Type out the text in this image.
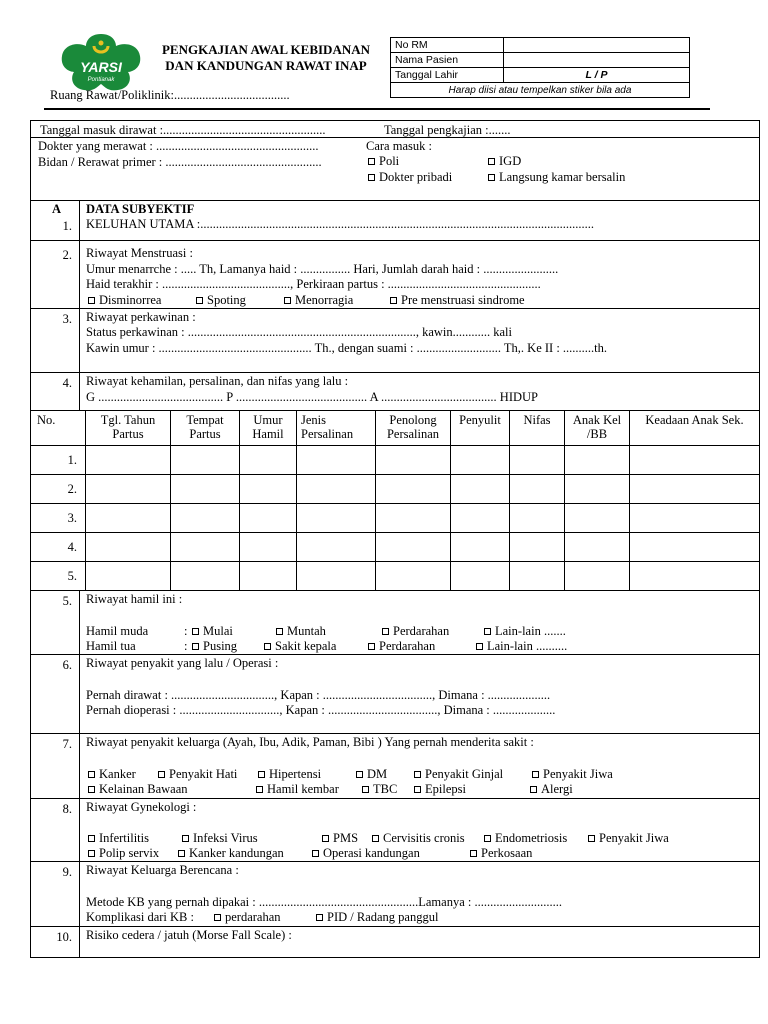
YARSI
Pontianak
PENGKAJIAN AWAL KEBIDANAN
DAN KANDUNGAN RAWAT INAP
Ruang Rawat/Poliklinik:.....................................
No RM	
Nama Pasien	
Tanggal Lahir	L / P
Harap diisi atau tempelkan stiker bila ada	
Tanggal masuk dirawat :....................................................	Tanggal pengkajian :.......
Dokter yang merawat : ....................................................	Cara masuk :
Bidan / Rerawat primer : ..................................................	Poli	IGD
Dokter pribadi	Langsung kamar bersalin
A DATA SUBYEKTIF
1. KELUHAN UTAMA :..............................................................................................................................
2. Riwayat Menstruasi :
Umur menarrche : ..... Th, Lamanya haid : ................ Hari, Jumlah darah haid : ........................
Haid terakhir : ........................................., Perkiraan partus : .................................................
Disminorrea	Spoting	Menorragia	Pre menstruasi sindrome
3. Riwayat perkawinan :
Status perkawinan : ........................................................................., kawin............ kali
Kawin umur : ................................................. Th., dengan suami : ........................... Th,. Ke II : ..........th.
4. Riwayat kehamilan, persalinan, dan nifas yang lalu :
G ........................................ P .......................................... A ..................................... HIDUP
No.	Tgl. Tahun Partus	Tempat Partus	Umur Hamil	Jenis Persalinan	Penolong Persalinan	Penyulit	Nifas	Anak Kel /BB	Keadaan Anak Sek.
1.									
2.									
3.									
4.									
5.									
5. Riwayat hamil ini :
Hamil muda	:	Mulai	Muntah	Perdarahan	Lain-lain .......
Hamil tua	:	Pusing	Sakit kepala	Perdarahan	Lain-lain ..........
6. Riwayat penyakit yang lalu / Operasi :
Pernah dirawat : ................................., Kapan : ..................................., Dimana : ....................
Pernah dioperasi : ................................, Kapan : ..................................., Dimana : ....................
7. Riwayat penyakit keluarga (Ayah, Ibu, Adik, Paman, Bibi ) Yang pernah menderita sakit :
Kanker	Penyakit Hati	Hipertensi	DM	Penyakit Ginjal	Penyakit Jiwa
Kelainan Bawaan	Hamil kembar	TBC	Epilepsi	Alergi
8. Riwayat Gynekologi :
Infertilitis	Infeksi Virus	PMS	Cervisitis cronis	Endometriosis	Penyakit Jiwa
Polip servix	Kanker kandungan	Operasi kandungan	Perkosaan
9. Riwayat Keluarga Berencana :
Metode KB yang pernah dipakai : ...................................................Lamanya : ............................
Komplikasi dari KB :	perdarahan	PID / Radang panggul
10. Risiko cedera / jatuh (Morse Fall Scale) :
